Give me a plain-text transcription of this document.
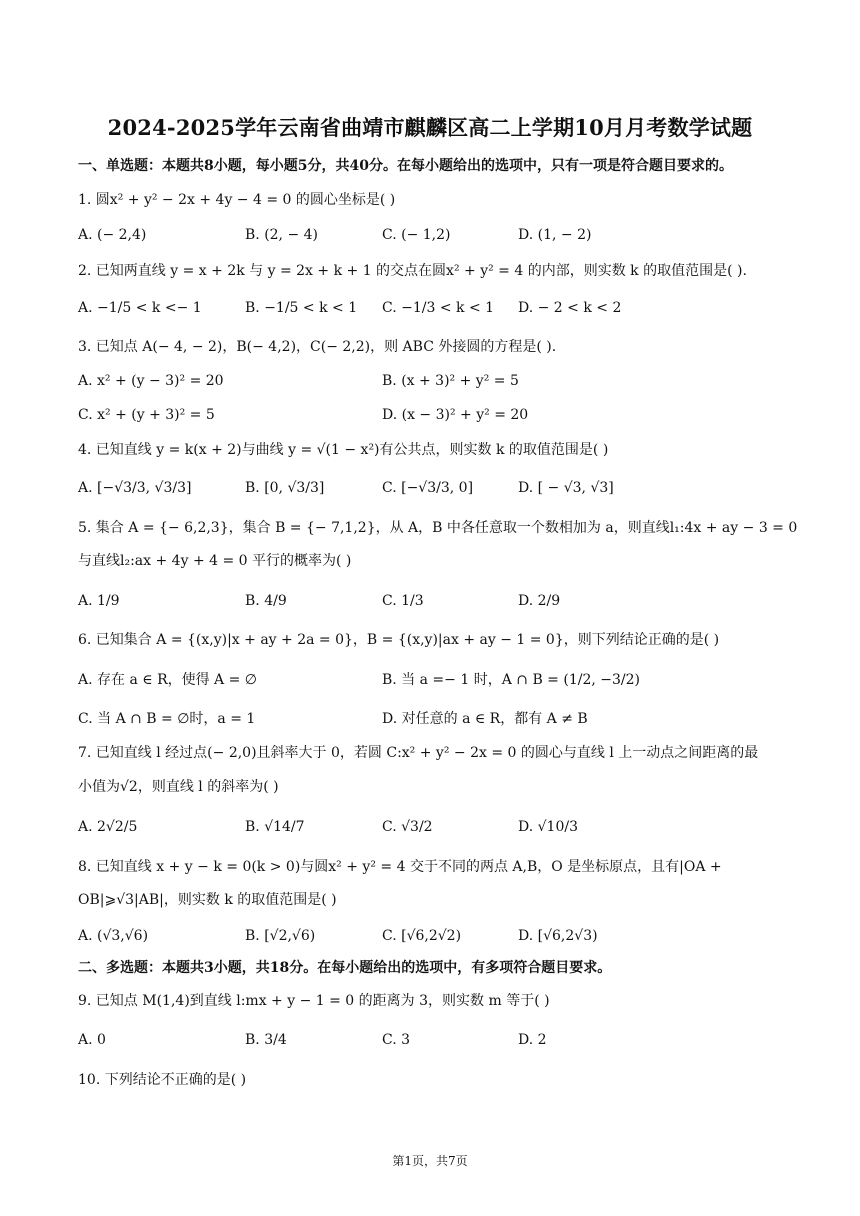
2024-2025学年云南省曲靖市麒麟区高二上学期10月月考数学试题
一、单选题：本题共8小题，每小题5分，共40分。在每小题给出的选项中，只有一项是符合题目要求的。
1. 圆x² + y² − 2x + 4y − 4 = 0 的圆心坐标是( )
A. (− 2,4)	B. (2, − 4)	C. (− 1,2)	D. (1, − 2)
2. 已知两直线 y = x + 2k 与 y = 2x + k + 1 的交点在圆x² + y² = 4 的内部，则实数 k 的取值范围是( ).
A. −1/5 < k <− 1	B. −1/5 < k < 1 C. −1/3 < k < 1 D. − 2 < k < 2
3. 已知点 A(− 4, − 2)，B(− 4,2)，C(− 2,2)，则 ABC 外接圆的方程是( ).
A. x² + (y − 3)² = 20	B. (x + 3)² + y² = 5
C. x² + (y + 3)² = 5	D. (x − 3)² + y² = 20
4. 已知直线 y = k(x + 2)与曲线 y = √(1 − x²)有公共点，则实数 k 的取值范围是( )
A. [−√3/3, √3/3]	B. [0, √3/3]	C. [−√3/3, 0]	D. [ − √3, √3]
5. 集合 A = {− 6,2,3}，集合 B = {− 7,1,2}，从 A，B 中各任意取一个数相加为 a，则直线l₁:4x + ay − 3 = 0
与直线l₂:ax + 4y + 4 = 0 平行的概率为( )
A. 1/9	B. 4/9	C. 1/3	D. 2/9
6. 已知集合 A = {(x,y)|x + ay + 2a = 0}，B = {(x,y)|ax + ay − 1 = 0}，则下列结论正确的是( )
A. 存在 a ∈ R，使得 A = ∅	B. 当 a =− 1 时，A ∩ B = (1/2, −3/2)
C. 当 A ∩ B = ∅时，a = 1	D. 对任意的 a ∈ R，都有 A ≠ B
7. 已知直线 l 经过点(− 2,0)且斜率大于 0，若圆 C:x² + y² − 2x = 0 的圆心与直线 l 上一动点之间距离的最
小值为√2，则直线 l 的斜率为( )
A. 2√2/5	B. √14/7	C. √3/2	D. √10/3
8. 已知直线 x + y − k = 0(k > 0)与圆x² + y² = 4 交于不同的两点 A,B，O 是坐标原点，且有|OA +
OB|⩾√3|AB|，则实数 k 的取值范围是( )
A. (√3,√6)	B. [√2,√6)	C. [√6,2√2)	D. [√6,2√3)
二、多选题：本题共3小题，共18分。在每小题给出的选项中，有多项符合题目要求。
9. 已知点 M(1,4)到直线 l:mx + y − 1 = 0 的距离为 3，则实数 m 等于( )
A. 0	B. 3/4	C. 3	D. 2
10. 下列结论不正确的是( )
第1页，共7页
